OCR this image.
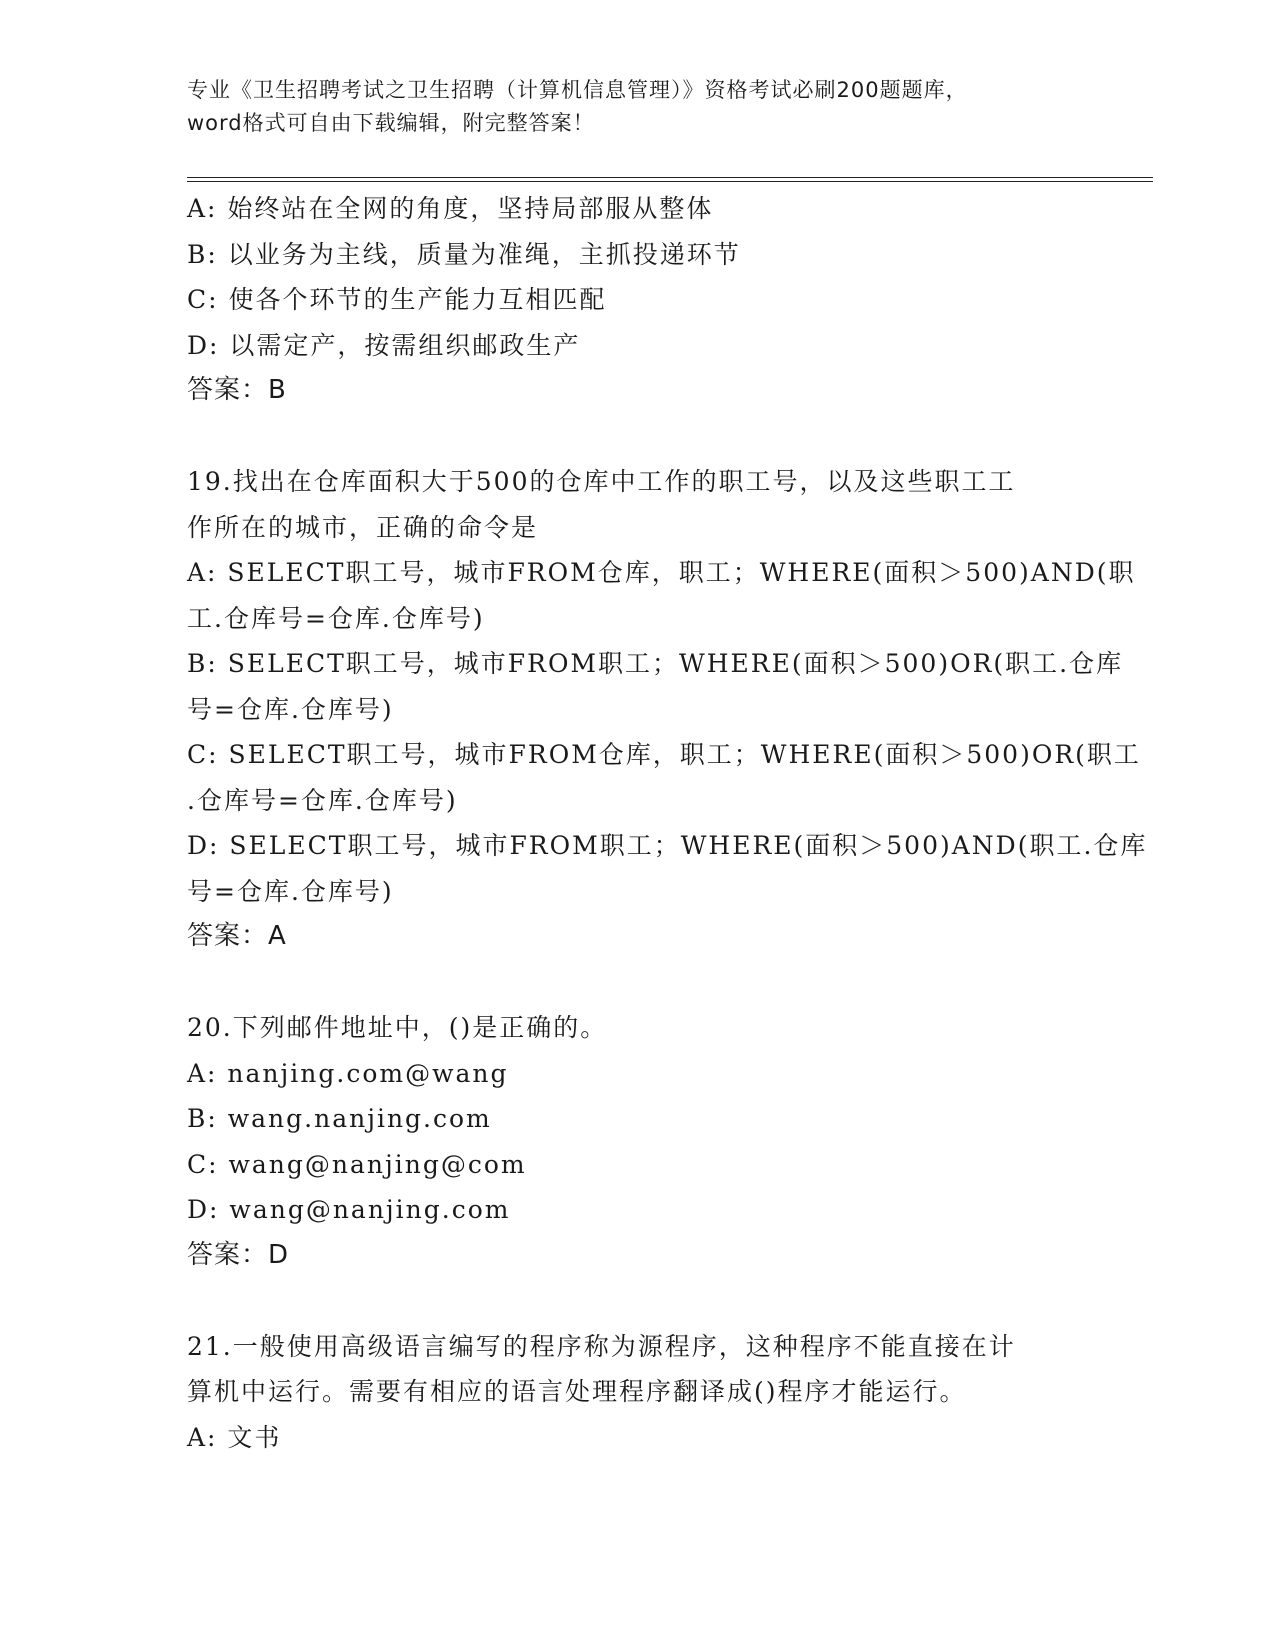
专业《卫生招聘考试之卫生招聘（计算机信息管理）》资格考试必刷200题题库，
word格式可自由下载编辑，附完整答案！
A: 始终站在全网的角度，坚持局部服从整体
B: 以业务为主线，质量为准绳，主抓投递环节
C: 使各个环节的生产能力互相匹配
D: 以需定产，按需组织邮政生产
答案：B
19.找出在仓库面积大于500的仓库中工作的职工号，以及这些职工工
作所在的城市，正确的命令是
A: SELECT职工号，城市FROM仓库，职工；WHERE(面积＞500)AND(职
工.仓库号=仓库.仓库号)
B: SELECT职工号，城市FROM职工；WHERE(面积＞500)OR(职工.仓库
号=仓库.仓库号)
C: SELECT职工号，城市FROM仓库，职工；WHERE(面积＞500)OR(职工
.仓库号=仓库.仓库号)
D: SELECT职工号，城市FROM职工；WHERE(面积＞500)AND(职工.仓库
号=仓库.仓库号)
答案：A
20.下列邮件地址中，()是正确的。
A: nanjing.com@wang
B: wang.nanjing.com
C: wang@nanjing@com
D: wang@nanjing.com
答案：D
21.一般使用高级语言编写的程序称为源程序，这种程序不能直接在计
算机中运行。需要有相应的语言处理程序翻译成()程序才能运行。
A: 文书
